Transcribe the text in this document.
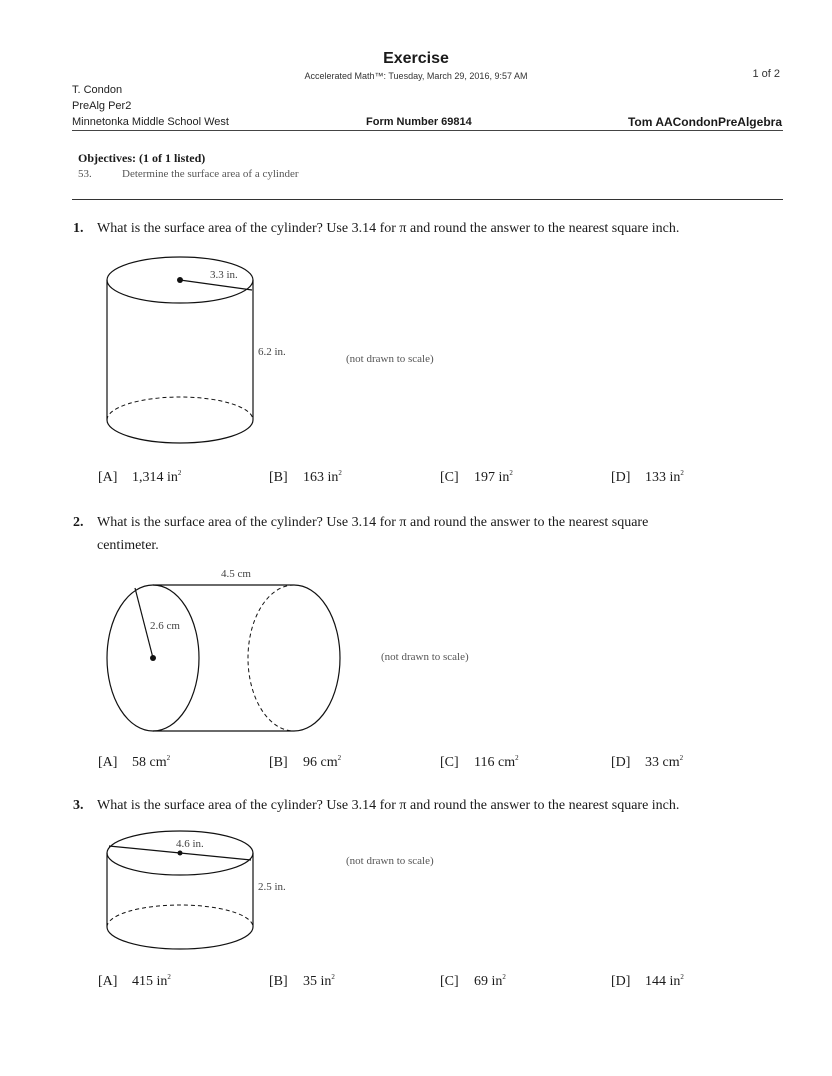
Exercise
Accelerated Math™: Tuesday, March 29, 2016, 9:57 AM	1 of 2
T. Condon
PreAlg Per2
Minnetonka Middle School West	Form Number 69814	Tom AACondonPreAlgebra
Objectives: (1 of 1 listed)
53.	Determine the surface area of a cylinder
1. What is the surface area of the cylinder? Use 3.14 for π and round the answer to the nearest square inch.
3.3 in.
6.2 in.
(not drawn to scale)
[A] 1,314 $in^2$	[B] 163 $in^2$	[C] 197 $in^2$	[D] 133 $in^2$
2. What is the surface area of the cylinder? Use 3.14 for π and round the answer to the nearest square
centimeter.
4.5 cm
2.6 cm
(not drawn to scale)
[A] 58 $cm^2$	[B] 96 $cm^2$	[C] 116 $cm^2$	[D] 33 $cm^2$
3. What is the surface area of the cylinder? Use 3.14 for π and round the answer to the nearest square inch.
4.6 in.
2.5 in.
(not drawn to scale)
[A] 415 $in^2$	[B] 35 $in^2$	[C] 69 $in^2$	[D] 144 $in^2$
